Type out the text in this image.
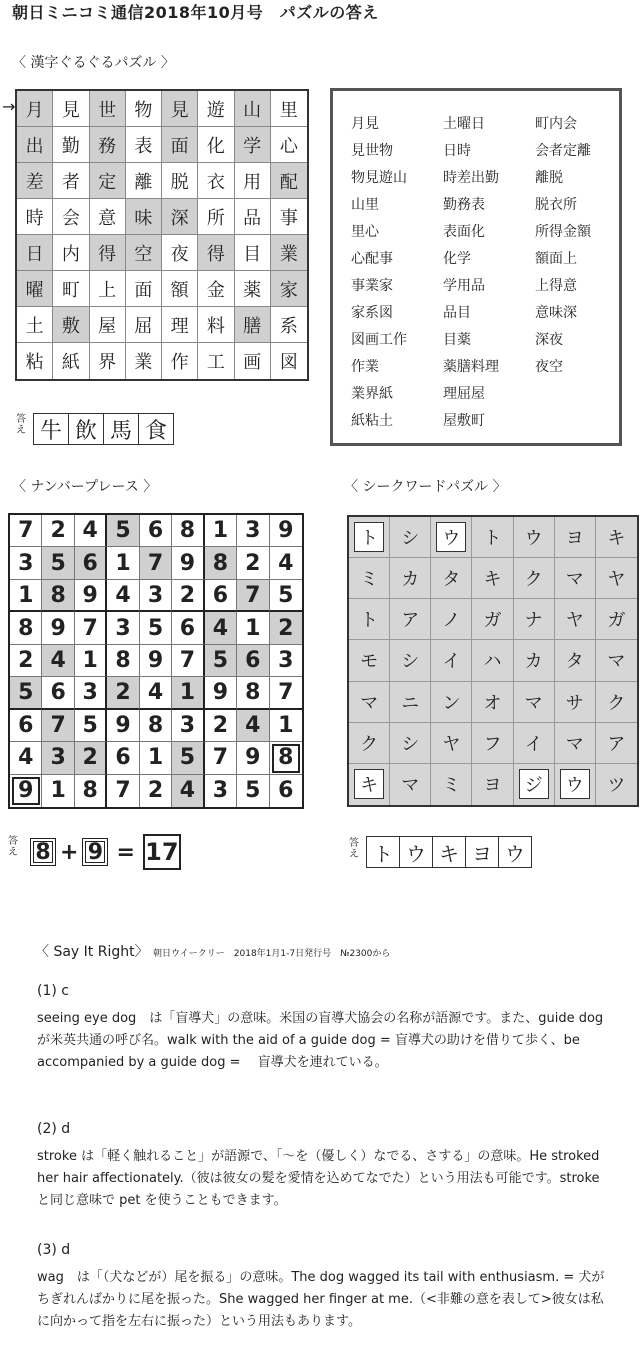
朝日ミニコミ通信2018年10月号　パズルの答え
〈 漢字ぐるぐるパズル 〉
→ 月	見	世	物	見	遊	山	里
出	勤	務	表	面	化	学	心
差	者	定	離	脱	衣	用	配
時	会	意	味	深	所	品	事
日	内	得	空	夜	得	目	業
曜	町	上	面	額	金	薬	家
土	敷	屋	屈	理	料	膳	系
粘	紙	界	業	作	工	画	図
答え 牛 飲 馬 食
月見
見世物
物見遊山
山里
里心
心配事
事業家
家系図
図画工作
作業
業界紙
紙粘土
土曜日
日時
時差出勤
勤務表
表面化
化学
学用品
品目
目薬
薬膳料理
理屈屋
屋敷町
町内会
会者定離
離脱
脱衣所
所得金額
額面上
上得意
意味深
深夜
夜空
〈 ナンバープレース 〉
7 2 4 5 6 8 1 3 9
3 5 6 1 7 9 8 2 4
1 8 9 4 3 2 6 7 5
8 9 7 3 5 6 4 1 2
2 4 1 8 9 7 5 6 3
5 6 3 2 4 1 9 8 7
6 7 5 9 8 3 2 4 1
4 3 2 6 1 5 7 9 8
9 1 8 7 2 4 3 5 6
答え 8 + 9 = 17
〈 シークワードパズル 〉
ト	シ	ウ	ト ウ ヨ キ
ミ カ タ キ ク マ ヤ
ト ア ノ ガ ナ ヤ ガ
モ シ イ ハ カ タ マ
マ ニ ン オ マ サ ク
ク シ ヤ フ イ マ ア
キ	マ ミ ヨ	ジ	ウ	ツ
答え ト ウ キ ヨ ウ
〈 Say It Right〉 朝日ウイークリー　2018年1月1-7日発行号　№2300から
(1) c
seeing eye dog　は「盲導犬」の意味。米国の盲導犬協会の名称が語源です。また、guide dog　が米英共通の呼び名。walk with the aid of a guide dog = 盲導犬の助けを借りて歩く、be accompanied by a guide dog = 　盲導犬を連れている。
(2) d
stroke は「軽く触れること」が語源で、「〜を（優しく）なでる、さする」の意味。He stroked her hair affectionately.（彼は彼女の髪を愛情を込めてなでた）という用法も可能です。stroke と同じ意味で pet を使うこともできます。
(3) d
wag　は「（犬などが）尾を振る」の意味。The dog wagged its tail with enthusiasm. = 犬がちぎれんばかりに尾を振った。She wagged her finger at me.（<非難の意を表して>彼女は私に向かって指を左右に振った）という用法もあります。
